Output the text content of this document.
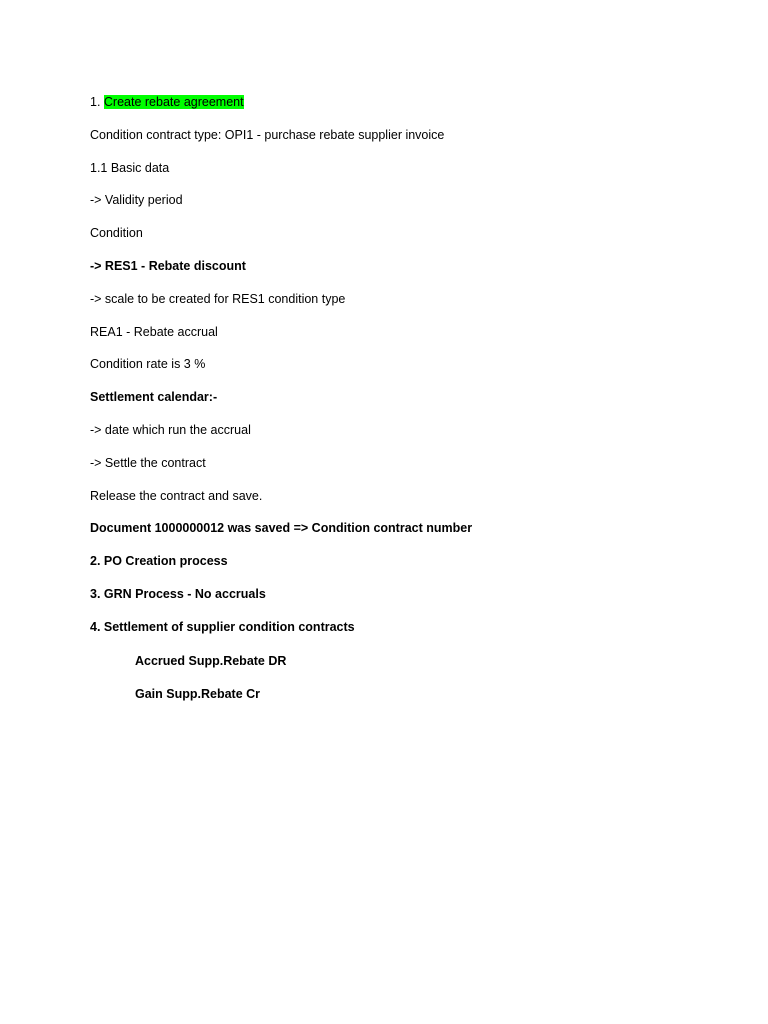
1. Create rebate agreement
Condition contract type: OPI1 - purchase rebate supplier invoice
1.1 Basic data
-> Validity period
Condition
-> RES1 - Rebate discount
-> scale to be created for RES1 condition type
REA1 - Rebate accrual
Condition rate is 3 %
Settlement calendar:-
-> date which run the accrual
-> Settle the contract
Release the contract and save.
Document 1000000012 was saved => Condition contract number
2. PO Creation process
3. GRN Process - No accruals
4. Settlement of supplier condition contracts
Accrued Supp.Rebate DR
Gain Supp.Rebate Cr
